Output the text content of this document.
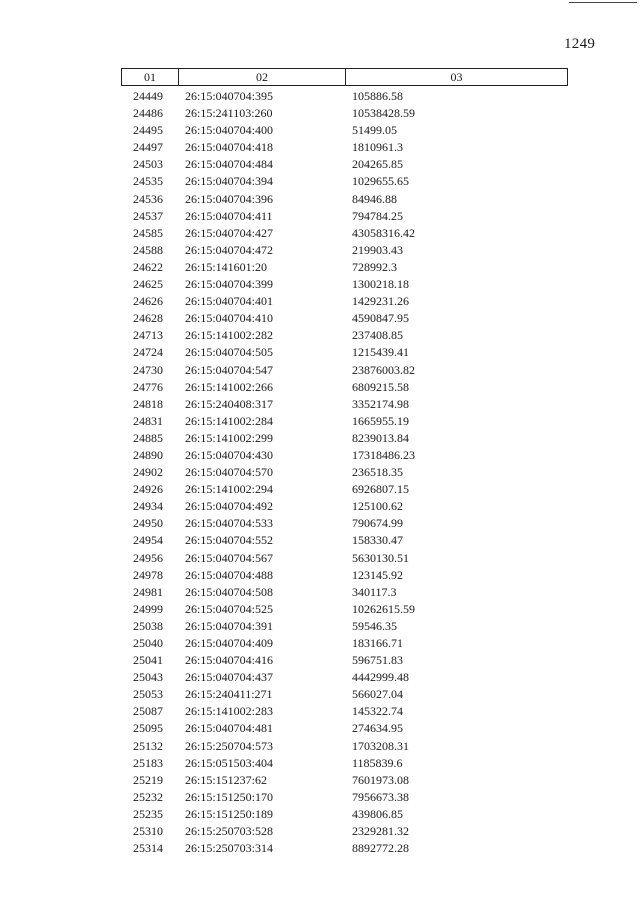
1249
01	02	03
24449	26:15:040704:395	105886.58
24486	26:15:241103:260	10538428.59
24495	26:15:040704:400	51499.05
24497	26:15:040704:418	1810961.3
24503	26:15:040704:484	204265.85
24535	26:15:040704:394	1029655.65
24536	26:15:040704:396	84946.88
24537	26:15:040704:411	794784.25
24585	26:15:040704:427	43058316.42
24588	26:15:040704:472	219903.43
24622	26:15:141601:20	728992.3
24625	26:15:040704:399	1300218.18
24626	26:15:040704:401	1429231.26
24628	26:15:040704:410	4590847.95
24713	26:15:141002:282	237408.85
24724	26:15:040704:505	1215439.41
24730	26:15:040704:547	23876003.82
24776	26:15:141002:266	6809215.58
24818	26:15:240408:317	3352174.98
24831	26:15:141002:284	1665955.19
24885	26:15:141002:299	8239013.84
24890	26:15:040704:430	17318486.23
24902	26:15:040704:570	236518.35
24926	26:15:141002:294	6926807.15
24934	26:15:040704:492	125100.62
24950	26:15:040704:533	790674.99
24954	26:15:040704:552	158330.47
24956	26:15:040704:567	5630130.51
24978	26:15:040704:488	123145.92
24981	26:15:040704:508	340117.3
24999	26:15:040704:525	10262615.59
25038	26:15:040704:391	59546.35
25040	26:15:040704:409	183166.71
25041	26:15:040704:416	596751.83
25043	26:15:040704:437	4442999.48
25053	26:15:240411:271	566027.04
25087	26:15:141002:283	145322.74
25095	26:15:040704:481	274634.95
25132	26:15:250704:573	1703208.31
25183	26:15:051503:404	1185839.6
25219	26:15:151237:62	7601973.08
25232	26:15:151250:170	7956673.38
25235	26:15:151250:189	439806.85
25310	26:15:250703:528	2329281.32
25314	26:15:250703:314	8892772.28
